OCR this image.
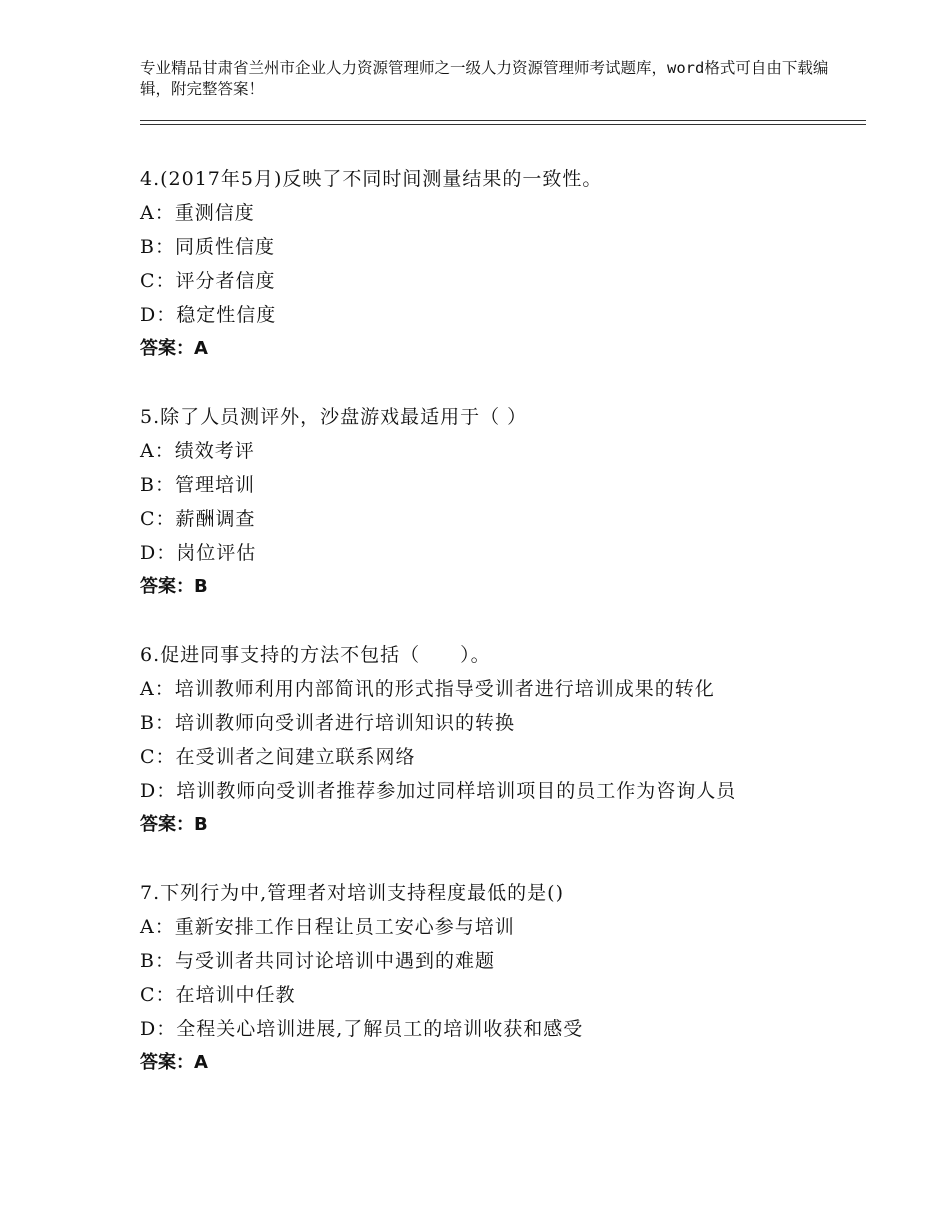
专业精品甘肃省兰州市企业人力资源管理师之一级人力资源管理师考试题库，word格式可自由下载编辑，附完整答案！
4.(2017年5月)反映了不同时间测量结果的一致性。
A：重测信度
B：同质性信度
C：评分者信度
D：稳定性信度
答案：A
5.除了人员测评外，沙盘游戏最适用于（ ）
A：绩效考评
B：管理培训
C：薪酬调查
D：岗位评估
答案：B
6.促进同事支持的方法不包括（　　）。
A：培训教师利用内部简讯的形式指导受训者进行培训成果的转化
B：培训教师向受训者进行培训知识的转换
C：在受训者之间建立联系网络
D：培训教师向受训者推荐参加过同样培训项目的员工作为咨询人员
答案：B
7.下列行为中,管理者对培训支持程度最低的是()
A：重新安排工作日程让员工安心参与培训
B：与受训者共同讨论培训中遇到的难题
C：在培训中任教
D：全程关心培训进展,了解员工的培训收获和感受
答案：A
